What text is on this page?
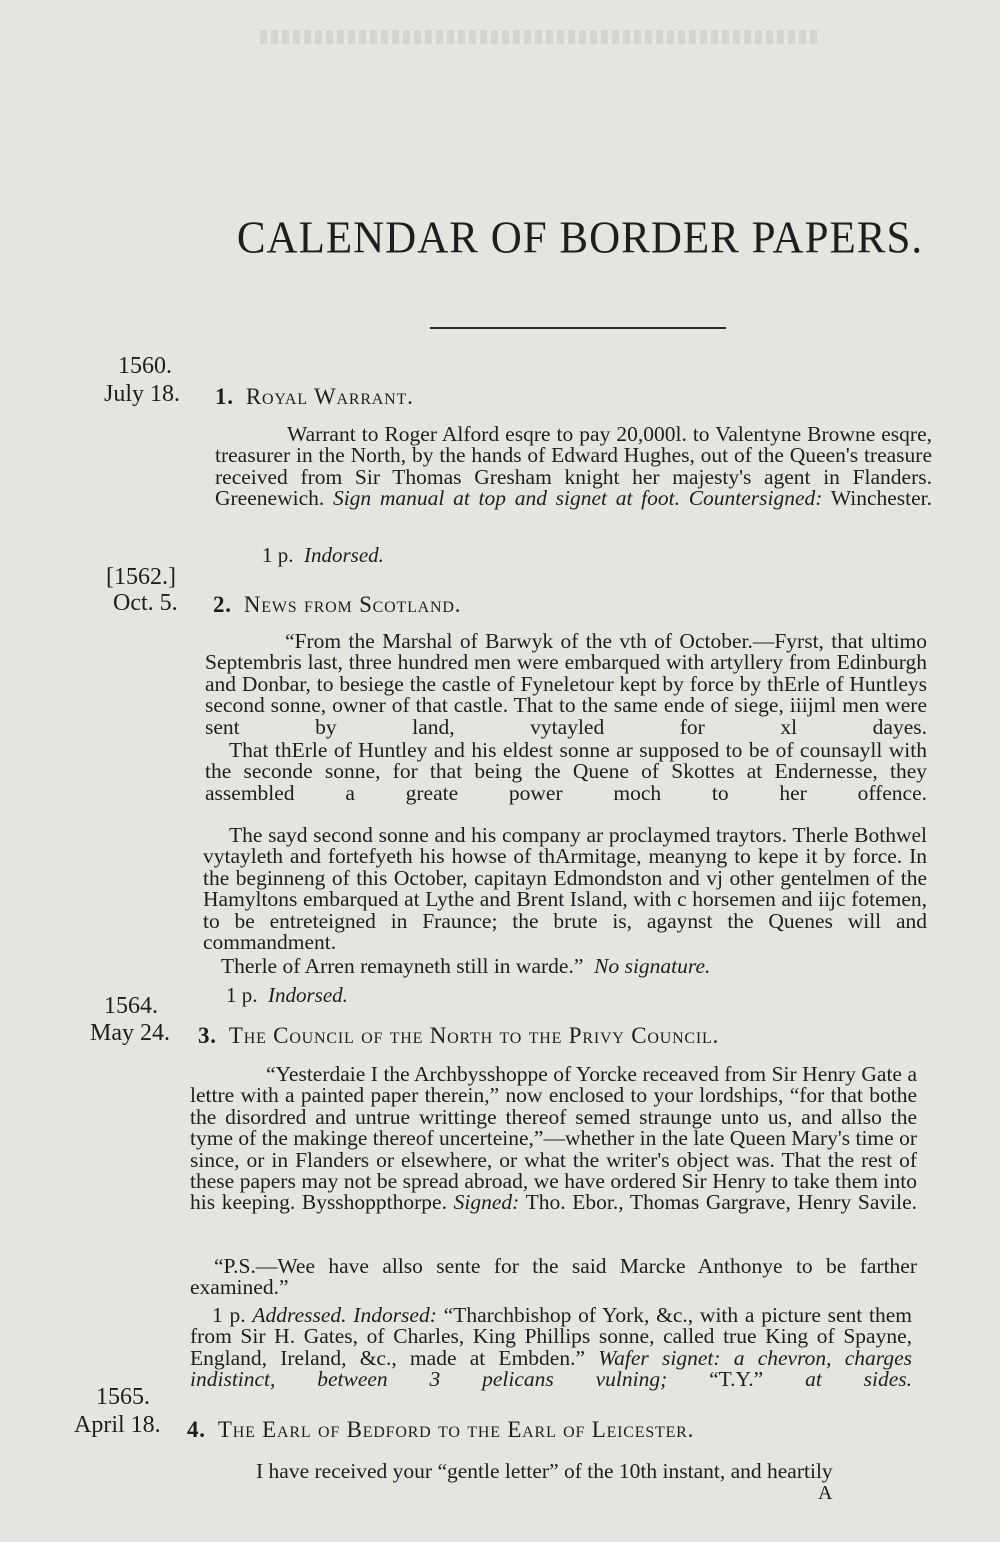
CALENDAR OF BORDER PAPERS.
1560.
July 18. 1. Royal Warrant.
Warrant to Roger Alford esqre to pay 20,000l. to Valentyne Browne esqre, treasurer in the North, by the hands of Edward Hughes, out of the Queen's treasure received from Sir Thomas Gresham knight her majesty's agent in Flanders. Greenewich. Sign manual at top and signet at foot. Countersigned: Winchester.
1 p. Indorsed.
[1562.]
Oct. 5. 2. News from Scotland.
“From the Marshal of Barwyk of the vth of October.—Fyrst, that ultimo Septembris last, three hundred men were embarqued with artyllery from Edinburgh and Donbar, to besiege the castle of Fyneletour kept by force by thErle of Huntleys second sonne, owner of that castle. That to the same ende of siege, iiijml men were sent by land, vytayled for xl dayes.
That thErle of Huntley and his eldest sonne ar supposed to be of counsayll with the seconde sonne, for that being the Quene of Skottes at Endernesse, they assembled a greate power moch to her offence.
The sayd second sonne and his company ar proclaymed traytors. Therle Bothwel vytayleth and fortefyeth his howse of thArmitage, meanyng to kepe it by force. In the beginneng of this October, capitayn Edmondston and vj other gentelmen of the Hamyltons embarqued at Lythe and Brent Island, with c horsemen and iijc fotemen, to be entreteigned in Fraunce; the brute is, agaynst the Quenes will and commandment.
Therle of Arren remayneth still in warde.” No signature.
1 p. Indorsed.
1564.
May 24. 3. The Council of the North to the Privy Council.
“Yesterdaie I the Archbysshoppe of Yorcke receaved from Sir Henry Gate a lettre with a painted paper therein,” now enclosed to your lordships, “for that bothe the disordred and untrue writtinge thereof semed straunge unto us, and allso the tyme of the makinge thereof uncerteine,”—whether in the late Queen Mary's time or since, or in Flanders or elsewhere, or what the writer's object was. That the rest of these papers may not be spread abroad, we have ordered Sir Henry to take them into his keeping. Bysshoppthorpe. Signed: Tho. Ebor., Thomas Gargrave, Henry Savile.
“P.S.—Wee have allso sente for the said Marcke Anthonye to be farther examined.”
1 p. Addressed. Indorsed: “Tharchbishop of York, &c., with a picture sent them from Sir H. Gates, of Charles, King Phillips sonne, called true King of Spayne, England, Ireland, &c., made at Embden.” Wafer signet: a chevron, charges indistinct, between 3 pelicans vulning; “T.Y.” at sides.
1565.
April 18. 4. The Earl of Bedford to the Earl of Leicester.
I have received your “gentle letter” of the 10th instant, and heartily
A
